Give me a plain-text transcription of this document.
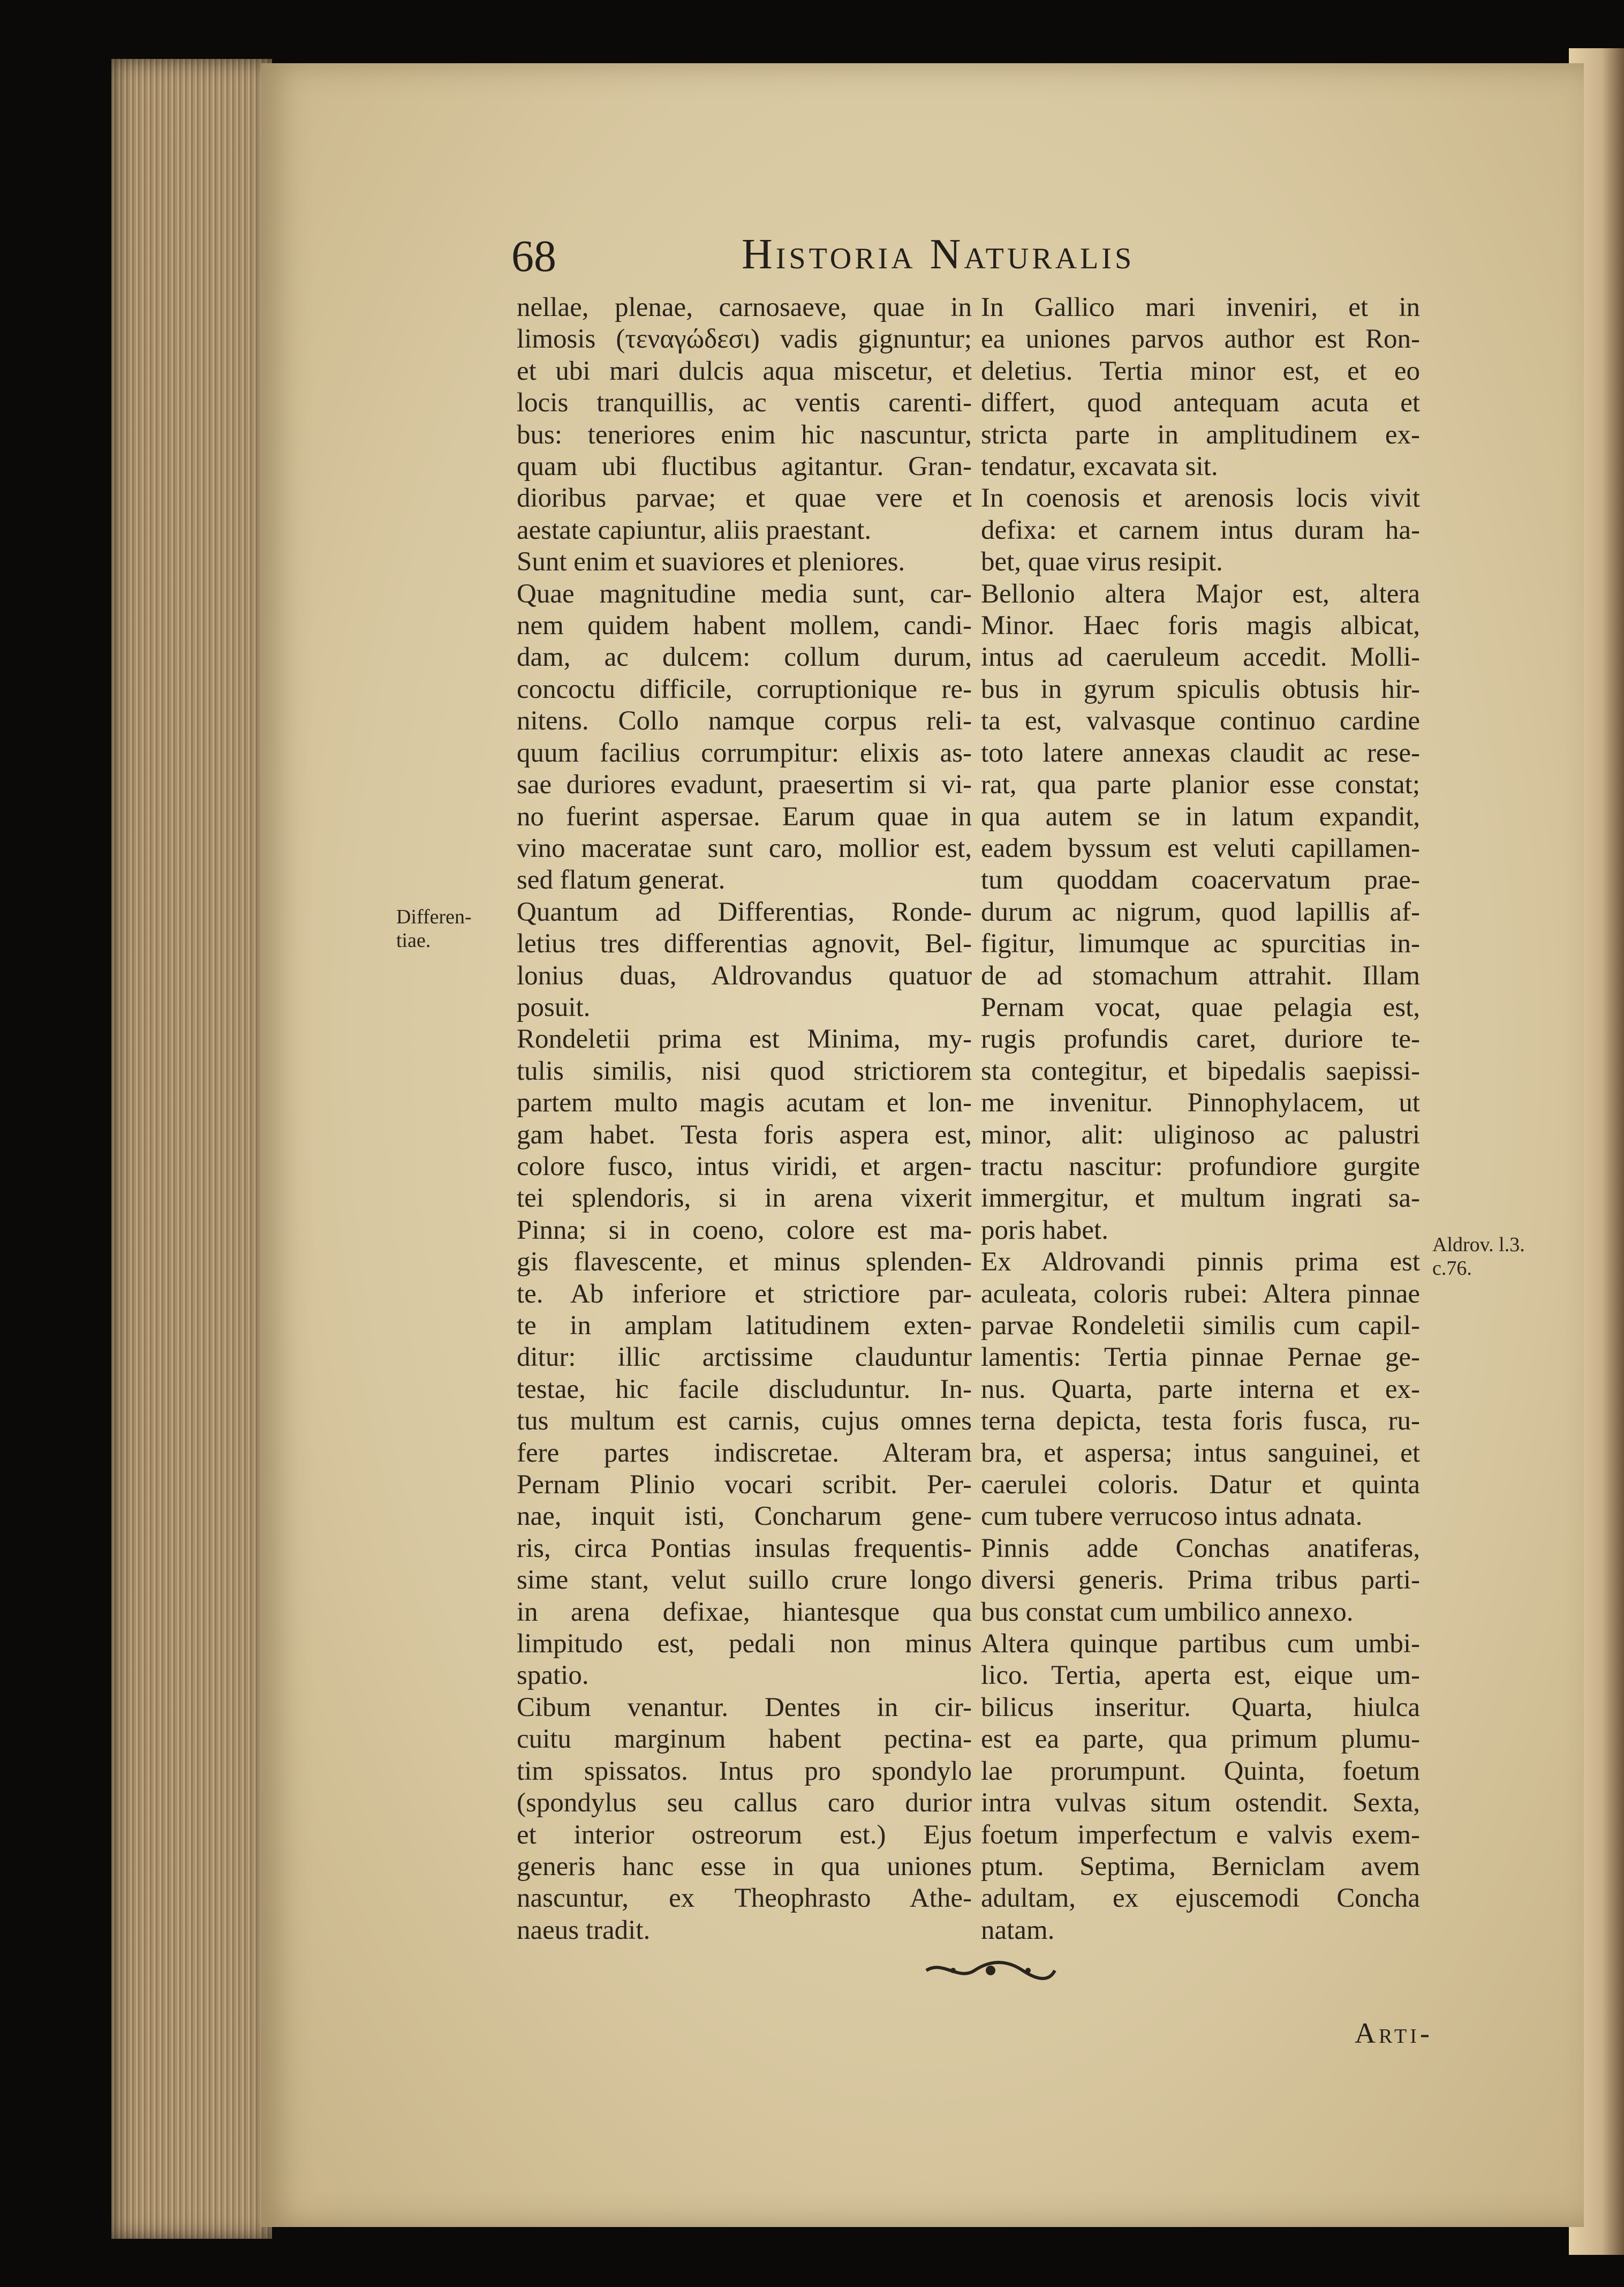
68	Historia Naturalis
nellae, plenae, carnosaeve, quae in
limosis (τεναγώδεσι) vadis gignuntur;
et ubi mari dulcis aqua miscetur, et
locis tranquillis, ac ventis carenti-
bus: teneriores enim hic nascuntur,
quam ubi fluctibus agitantur. Gran-
dioribus parvae; et quae vere et
aestate capiuntur, aliis praestant.
Sunt enim et suaviores et pleniores.
Quae magnitudine media sunt, car-
nem quidem habent mollem, candi-
dam, ac dulcem: collum durum,
concoctu difficile, corruptionique re-
nitens. Collo namque corpus reli-
quum facilius corrumpitur: elixis as-
sae duriores evadunt, praesertim si vi-
no fuerint aspersae. Earum quae in
vino maceratae sunt caro, mollior est,
sed flatum generat.
Quantum ad Differentias, Ronde-
letius tres differentias agnovit, Bel-
lonius duas, Aldrovandus quatuor
posuit.
Rondeletii prima est Minima, my-
tulis similis, nisi quod strictiorem
partem multo magis acutam et lon-
gam habet. Testa foris aspera est,
colore fusco, intus viridi, et argen-
tei splendoris, si in arena vixerit
Pinna; si in coeno, colore est ma-
gis flavescente, et minus splenden-
te. Ab inferiore et strictiore par-
te in amplam latitudinem exten-
ditur: illic arctissime clauduntur
testae, hic facile discluduntur. In-
tus multum est carnis, cujus omnes
fere partes indiscretae. Alteram
Pernam Plinio vocari scribit. Per-
nae, inquit isti, Concharum gene-
ris, circa Pontias insulas frequentis-
sime stant, velut suillo crure longo
in arena defixae, hiantesque qua
limpitudo est, pedali non minus
spatio.
Cibum venantur. Dentes in cir-
cuitu marginum habent pectina-
tim spissatos. Intus pro spondylo
(spondylus seu callus caro durior
et interior ostreorum est.) Ejus
generis hanc esse in qua uniones
nascuntur, ex Theophrasto Athe-
naeus tradit.
In Gallico mari inveniri, et in
ea uniones parvos author est Ron-
deletius. Tertia minor est, et eo
differt, quod antequam acuta et
stricta parte in amplitudinem ex-
tendatur, excavata sit.
In coenosis et arenosis locis vivit
defixa: et carnem intus duram ha-
bet, quae virus resipit.
Bellonio altera Major est, altera
Minor. Haec foris magis albicat,
intus ad caeruleum accedit. Molli-
bus in gyrum spiculis obtusis hir-
ta est, valvasque continuo cardine
toto latere annexas claudit ac rese-
rat, qua parte planior esse constat;
qua autem se in latum expandit,
eadem byssum est veluti capillamen-
tum quoddam coacervatum prae-
durum ac nigrum, quod lapillis af-
figitur, limumque ac spurcitias in-
de ad stomachum attrahit. Illam
Pernam vocat, quae pelagia est,
rugis profundis caret, duriore te-
sta contegitur, et bipedalis saepissi-
me invenitur. Pinnophylacem, ut
minor, alit: uliginoso ac palustri
tractu nascitur: profundiore gurgite
immergitur, et multum ingrati sa-
poris habet.
Ex Aldrovandi pinnis prima est
aculeata, coloris rubei: Altera pinnae
parvae Rondeletii similis cum capil-
lamentis: Tertia pinnae Pernae ge-
nus. Quarta, parte interna et ex-
terna depicta, testa foris fusca, ru-
bra, et aspersa; intus sanguinei, et
caerulei coloris. Datur et quinta
cum tubere verrucoso intus adnata.
Pinnis adde Conchas anatiferas,
diversi generis. Prima tribus parti-
bus constat cum umbilico annexo.
Altera quinque partibus cum umbi-
lico. Tertia, aperta est, eique um-
bilicus inseritur. Quarta, hiulca
est ea parte, qua primum plumu-
lae prorumpunt. Quinta, foetum
intra vulvas situm ostendit. Sexta,
foetum imperfectum e valvis exem-
ptum. Septima, Berniclam avem
adultam, ex ejuscemodi Concha
natam.
Differen-
tiae.
Aldrov. l.3.
c.76.
Arti-
